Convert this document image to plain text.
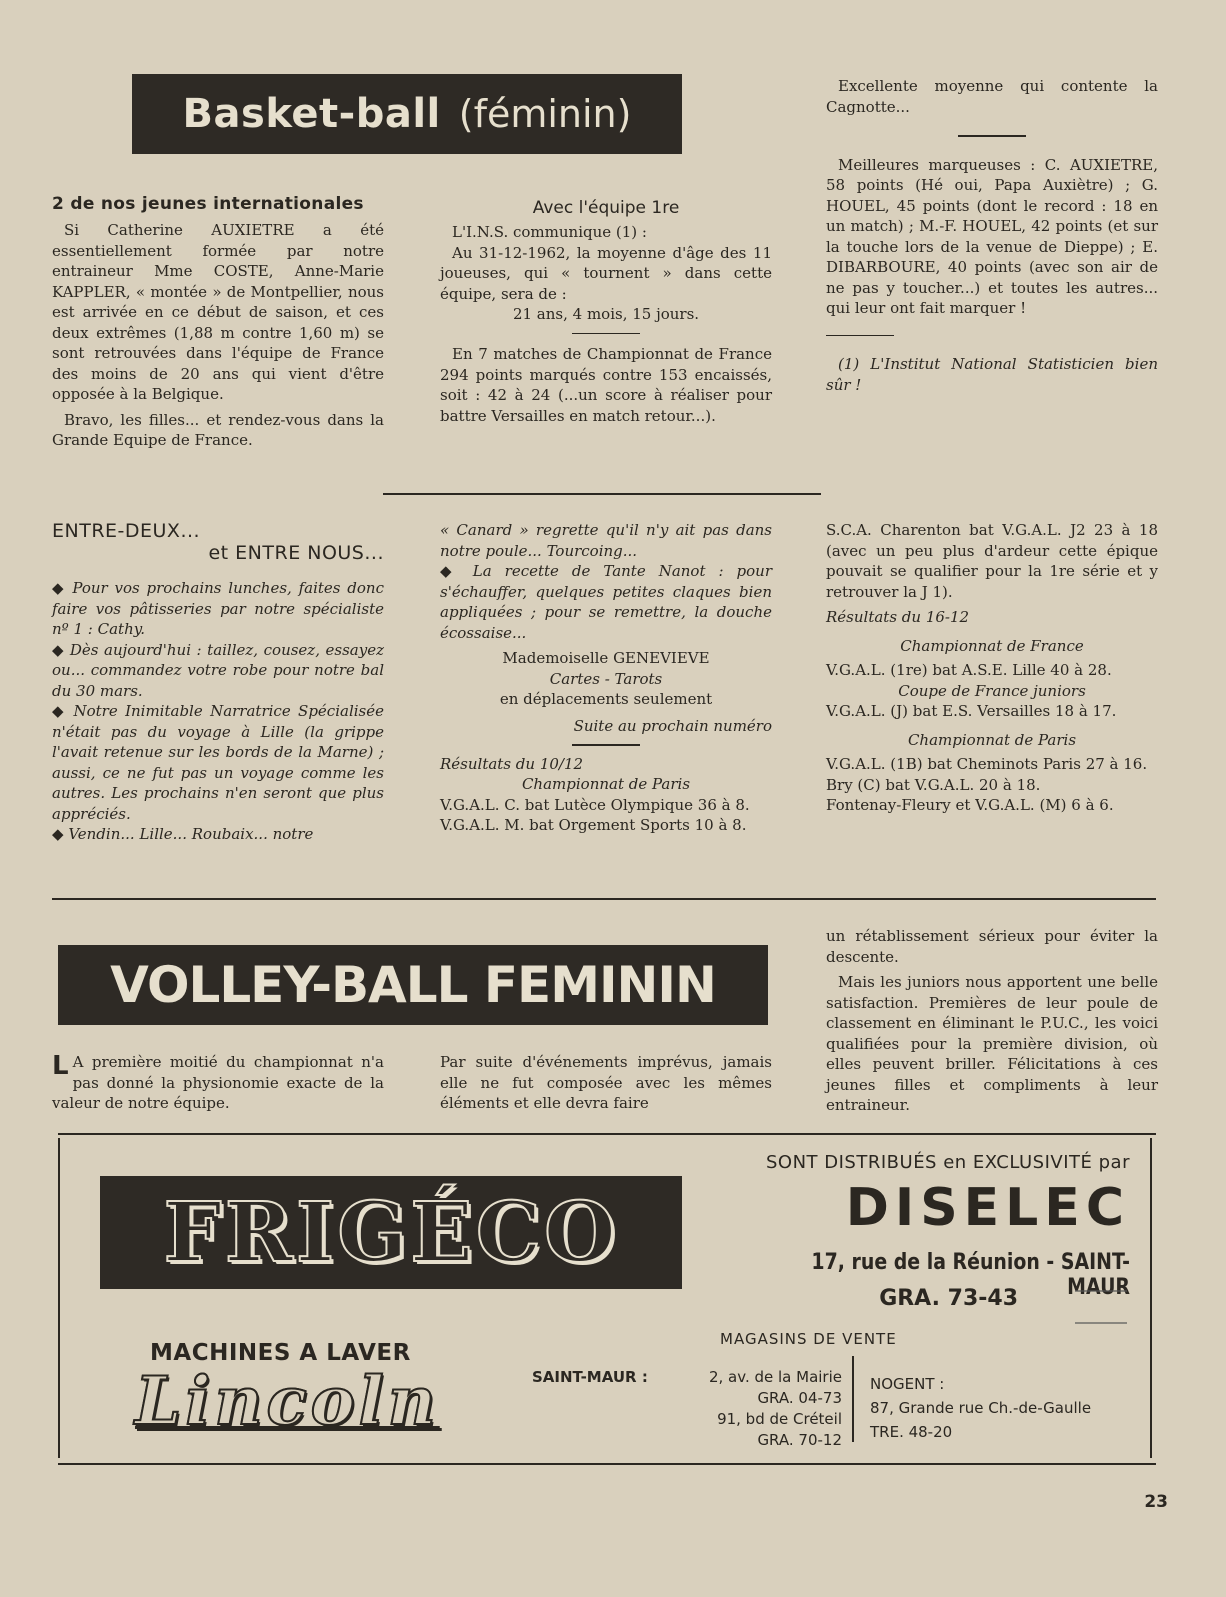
Basket-ball (féminin)
2 de nos jeunes internationales

Si Catherine AUXIETRE a été essentiellement formée par notre entraineur Mme COSTE, Anne-Marie KAPPLER, « montée » de Montpellier, nous est arrivée en ce début de saison, et ces deux extrêmes (1,88 m contre 1,60 m) se sont retrouvées dans l'équipe de France des moins de 20 ans qui vient d'être opposée à la Belgique.

Bravo, les filles... et rendez-vous dans la Grande Equipe de France.

Avec l'équipe 1re

L'I.N.S. communique (1) :

Au 31-12-1962, la moyenne d'âge des 11 joueuses, qui « tournent » dans cette équipe, sera de :

21 ans, 4 mois, 15 jours.

En 7 matches de Championnat de France 294 points marqués contre 153 encaissés, soit : 42 à 24 (...un score à réaliser pour battre Versailles en match retour...).

Excellente moyenne qui contente la Cagnotte...

Meilleures marqueuses : C. AUXIETRE, 58 points (Hé oui, Papa Auxiètre) ; G. HOUEL, 45 points (dont le record : 18 en un match) ; M.-F. HOUEL, 42 points (et sur la touche lors de la venue de Dieppe) ; E. DIBARBOURE, 40 points (avec son air de ne pas y toucher...) et toutes les autres... qui leur ont fait marquer !

(1) L'Institut National Statisticien bien sûr !

ENTRE-DEUX...
et ENTRE NOUS...

◆ Pour vos prochains lunches, faites donc faire vos pâtisseries par notre spécialiste nº 1 : Cathy.

◆ Dès aujourd'hui : taillez, cousez, essayez ou... commandez votre robe pour notre bal du 30 mars.

◆ Notre Inimitable Narratrice Spécialisée n'était pas du voyage à Lille (la grippe l'avait retenue sur les bords de la Marne) ; aussi, ce ne fut pas un voyage comme les autres. Les prochains n'en seront que plus appréciés.

◆ Vendin... Lille... Roubaix... notre

« Canard » regrette qu'il n'y ait pas dans notre poule... Tourcoing...

◆ La recette de Tante Nanot : pour s'échauffer, quelques petites claques bien appliquées ; pour se remettre, la douche écossaise...

Mademoiselle GENEVIEVE
Cartes - Tarots
en déplacements seulement
Suite au prochain numéro
Résultats du 10/12
Championnat de Paris

V.G.A.L. C. bat Lutèce Olympique 36 à 8.

V.G.A.L. M. bat Orgement Sports 10 à 8.

S.C.A. Charenton bat V.G.A.L. J2 23 à 18 (avec un peu plus d'ardeur cette épique pouvait se qualifier pour la 1re série et y retrouver la J 1).

Résultats du 16-12
Championnat de France

V.G.A.L. (1re) bat A.S.E. Lille 40 à 28.

Coupe de France juniors

V.G.A.L. (J) bat E.S. Versailles 18 à 17.

Championnat de Paris

V.G.A.L. (1B) bat Cheminots Paris 27 à 16.

Bry (C) bat V.G.A.L. 20 à 18.

Fontenay-Fleury et V.G.A.L. (M) 6 à 6.

VOLLEY-BALL FEMININ

L A première moitié du championnat n'a pas donné la physionomie exacte de la valeur de notre équipe.

Par suite d'événements imprévus, jamais elle ne fut composée avec les mêmes éléments et elle devra faire

un rétablissement sérieux pour éviter la descente.

Mais les juniors nous apportent une belle satisfaction. Premières de leur poule de classement en éliminant le P.U.C., les voici qualifiées pour la première division, où elles peuvent briller. Félicitations à ces jeunes filles et compliments à leur entraineur.

FRIGÉCO
SONT DISTRIBUÉS en EXCLUSIVITÉ par
DISELEC
17, rue de la Réunion - SAINT-MAUR
GRA. 73-43
MACHINES A LAVER
Lincoln
MAGASINS DE VENTE
SAINT-MAUR :	2, av. de la Mairie
GRA. 04-73
91, bd de Créteil
GRA. 70-12
NOGENT :
87, Grande rue Ch.-de-Gaulle
TRE. 48-20
23
